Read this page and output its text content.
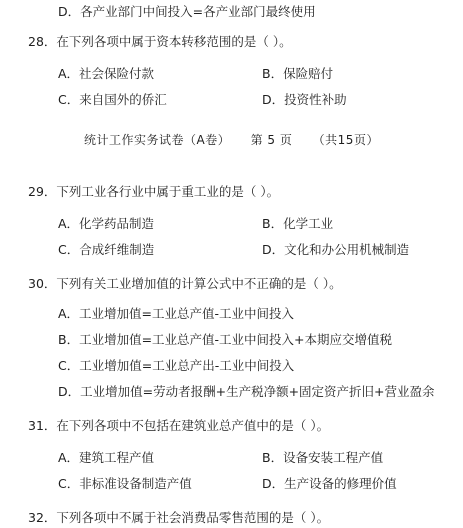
D．各产业部门中间投入=各产业部门最终使用
28．在下列各项中属于资本转移范围的是（ ）。
A．社会保险付款	B．保险赔付
C．来自国外的侨汇	D．投资性补助
统计工作实务试卷（A卷） 第 5 页 （共15页）
29．下列工业各行业中属于重工业的是（ ）。
A．化学药品制造	B．化学工业
C．合成纤维制造	D．文化和办公用机械制造
30．下列有关工业增加值的计算公式中不正确的是（ ）。
A．工业增加值=工业总产值-工业中间投入
B．工业增加值=工业总产值-工业中间投入+本期应交增值税
C．工业增加值=工业总产出-工业中间投入
D．工业增加值=劳动者报酬+生产税净额+固定资产折旧+营业盈余
31．在下列各项中不包括在建筑业总产值中的是（ ）。
A．建筑工程产值	B．设备安装工程产值
C．非标准设备制造产值	D．生产设备的修理价值
32．下列各项中不属于社会消费品零售范围的是（ ）。
